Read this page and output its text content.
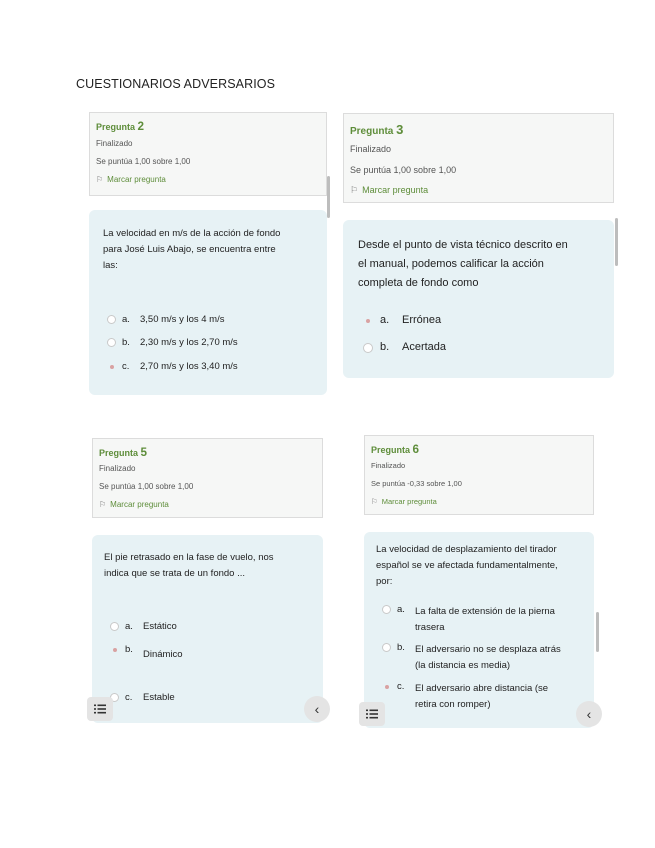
CUESTIONARIOS ADVERSARIOS
Pregunta 2
Finalizado
Se puntúa 1,00 sobre 1,00
⚐ Marcar pregunta
La velocidad en m/s de la acción de fondo
para José Luis Abajo, se encuentra entre
las:
a.	3,50 m/s y los 4 m/s
b.	2,30 m/s y los 2,70 m/s
c.	2,70 m/s y los 3,40 m/s
Pregunta 3
Finalizado
Se puntúa 1,00 sobre 1,00
⚐ Marcar pregunta
Desde el punto de vista técnico descrito en
el manual, podemos calificar la acción
completa de fondo como
a.	Errónea
b.	Acertada
Pregunta 5
Finalizado
Se puntúa 1,00 sobre 1,00
⚐ Marcar pregunta
El pie retrasado en la fase de vuelo, nos
indica que se trata de un fondo ...
a.	Estático
b.	Dinámico
c.	Estable
‹
Pregunta 6
Finalizado
Se puntúa -0,33 sobre 1,00
⚐ Marcar pregunta
La velocidad de desplazamiento del tirador
español se ve afectada fundamentalmente,
por:
a.	La falta de extensión de la pierna
trasera
b.	El adversario no se desplaza atrás
(la distancia es media)
c.	El adversario abre distancia (se
retira con romper)
‹
